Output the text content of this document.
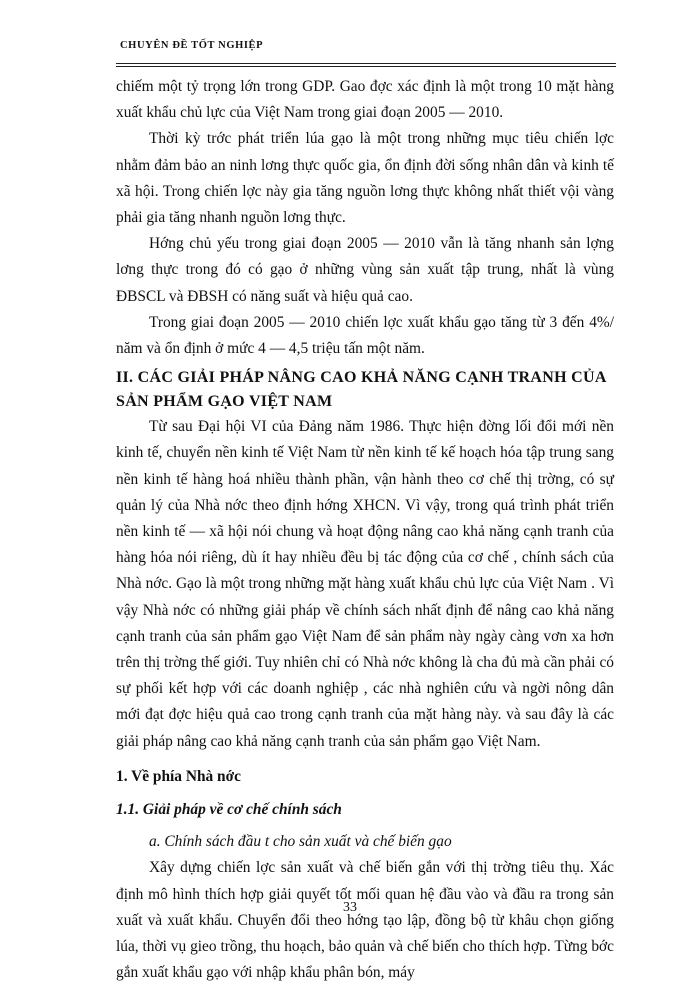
CHUYÊN ĐỀ TỐT NGHIỆP

chiếm một tỷ trọng lớn trong GDP. Gao đợc xác định là một trong 10 mặt hàng xuất khẩu chủ lực của Việt Nam trong giai đoạn 2005 — 2010.

Thời kỳ trớc phát triển lúa gạo là một trong những mục tiêu chiến lợc nhằm đảm bảo an ninh lơng thực quốc gia, ổn định đời sống nhân dân và kinh tế xã hội. Trong chiến lợc này gia tăng nguồn lơng thực không nhất thiết vội vàng phải gia tăng nhanh nguồn lơng thực.

Hớng chủ yếu trong giai đoạn 2005 — 2010 vẫn là tăng nhanh sản lợng lơng thực trong đó có gạo ở những vùng sản xuất tập trung, nhất là vùng ĐBSCL và ĐBSH có năng suất và hiệu quả cao.

Trong giai đoạn 2005 — 2010 chiến lợc xuất khẩu gạo tăng từ 3 đến 4%/ năm và ổn định ở mức 4 — 4,5 triệu tấn một năm.

II. CÁC GIẢI PHÁP NÂNG CAO KHẢ NĂNG CẠNH TRANH CỦA SẢN PHẨM GẠO VIỆT NAM

Từ sau Đại hội VI của Đảng năm 1986. Thực hiện đờng lối đổi mới nền kinh tế, chuyển nền kinh tế Việt Nam từ nền kinh tế kế hoạch hóa tập trung sang nền kinh tế hàng hoá nhiều thành phần, vận hành theo cơ chế thị trờng, có sự quản lý của Nhà nớc theo định hớng XHCN. Vì vậy, trong quá trình phát triển nền kinh tế — xã hội nói chung và hoạt động nâng cao khả năng cạnh tranh của hàng hóa nói riêng, dù ít hay nhiều đều bị tác động của cơ chế , chính sách của Nhà nớc. Gạo là một trong những mặt hàng xuất khẩu chủ lực của Việt Nam . Vì vậy Nhà nớc có những giải pháp về chính sách nhất định để nâng cao khả năng cạnh tranh của sản phẩm gạo Việt Nam để sản phẩm này ngày càng vơn xa hơn trên thị trờng thế giới. Tuy nhiên chỉ có Nhà nớc không là cha đủ mà cần phải có sự phối kết hợp với các doanh nghiệp , các nhà nghiên cứu và ngời nông dân mới đạt đợc hiệu quả cao trong cạnh tranh của mặt hàng này. và sau đây là các giải pháp nâng cao khả năng cạnh tranh của sản phẩm gạo Việt Nam.

1. Về phía Nhà nớc
1.1. Giải pháp về cơ chế chính sách

a. Chính sách đầu t cho sản xuất và chế biến gạo

Xây dựng chiến lợc sản xuất và chế biến gắn với thị trờng tiêu thụ. Xác định mô hình thích hợp giải quyết tốt mối quan hệ đầu vào và đầu ra trong sản xuất và xuất khẩu. Chuyển đổi theo hớng tạo lập, đồng bộ từ khâu chọn giống lúa, thời vụ gieo trồng, thu hoạch, bảo quản và chế biến cho thích hợp. Từng bớc gắn xuất khẩu gạo với nhập khẩu phân bón, máy

33
